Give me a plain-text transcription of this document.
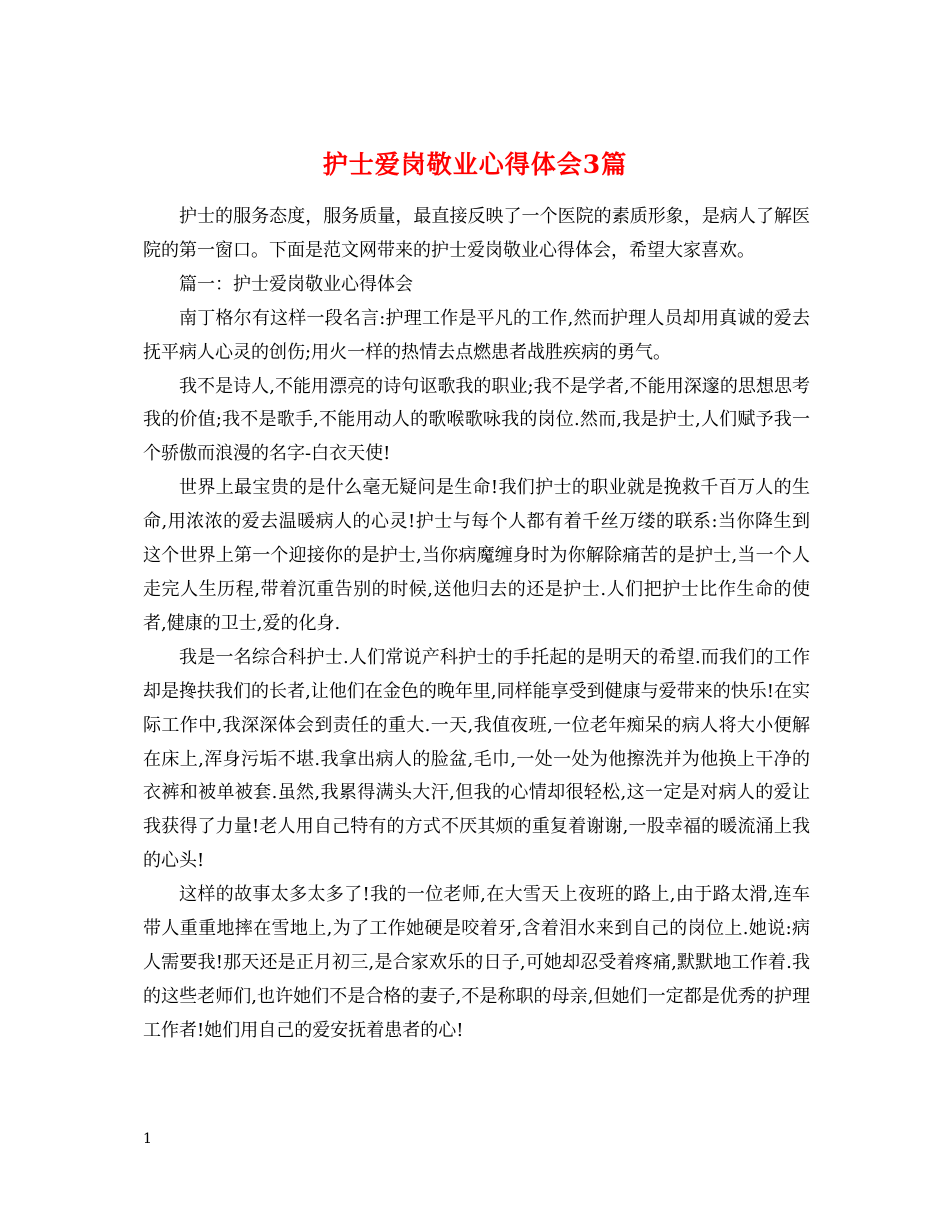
护士爱岗敬业心得体会3篇

护士的服务态度，服务质量，最直接反映了一个医院的素质形象，是病人了解医院的第一窗口。下面是范文网带来的护士爱岗敬业心得体会，希望大家喜欢。

篇一：护士爱岗敬业心得体会

南丁格尔有这样一段名言:护理工作是平凡的工作,然而护理人员却用真诚的爱去抚平病人心灵的创伤;用火一样的热情去点燃患者战胜疾病的勇气。

我不是诗人,不能用漂亮的诗句讴歌我的职业;我不是学者,不能用深邃的思想思考我的价值;我不是歌手,不能用动人的歌喉歌咏我的岗位.然而,我是护士,人们赋予我一个骄傲而浪漫的名字-白衣天使!

世界上最宝贵的是什么毫无疑问是生命!我们护士的职业就是挽救千百万人的生命,用浓浓的爱去温暖病人的心灵!护士与每个人都有着千丝万缕的联系:当你降生到这个世界上第一个迎接你的是护士,当你病魔缠身时为你解除痛苦的是护士,当一个人走完人生历程,带着沉重告别的时候,送他归去的还是护士.人们把护士比作生命的使者,健康的卫士,爱的化身.

我是一名综合科护士.人们常说产科护士的手托起的是明天的希望.而我们的工作却是搀扶我们的长者,让他们在金色的晚年里,同样能享受到健康与爱带来的快乐!在实际工作中,我深深体会到责任的重大.一天,我值夜班,一位老年痴呆的病人将大小便解在床上,浑身污垢不堪.我拿出病人的脸盆,毛巾,一处一处为他擦洗并为他换上干净的衣裤和被单被套.虽然,我累得满头大汗,但我的心情却很轻松,这一定是对病人的爱让我获得了力量!老人用自己特有的方式不厌其烦的重复着谢谢,一股幸福的暖流涌上我的心头!

这样的故事太多太多了!我的一位老师,在大雪天上夜班的路上,由于路太滑,连车带人重重地摔在雪地上,为了工作她硬是咬着牙,含着泪水来到自己的岗位上.她说:病人需要我!那天还是正月初三,是合家欢乐的日子,可她却忍受着疼痛,默默地工作着.我的这些老师们,也许她们不是合格的妻子,不是称职的母亲,但她们一定都是优秀的护理工作者!她们用自己的爱安抚着患者的心!

1
